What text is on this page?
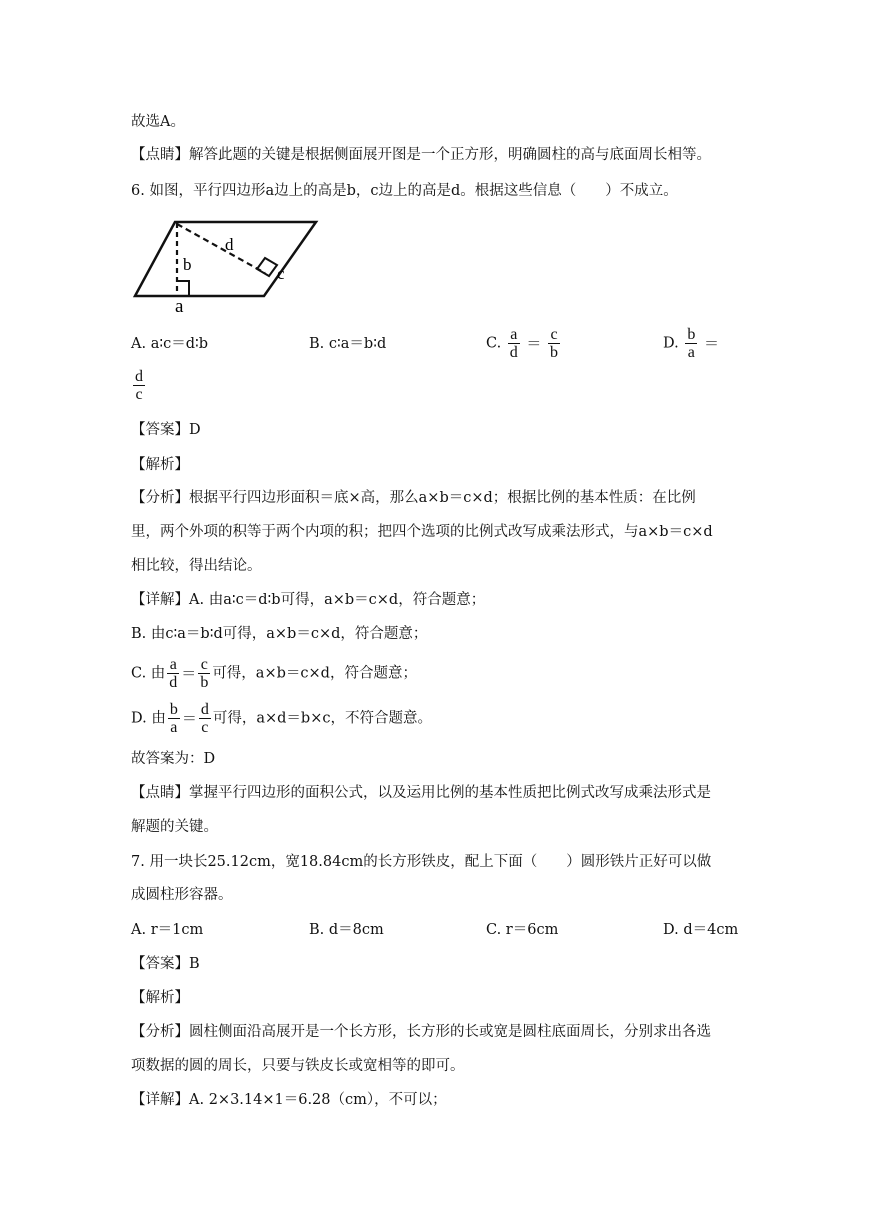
故选A。
【点睛】解答此题的关键是根据侧面展开图是一个正方形，明确圆柱的高与底面周长相等。
6. 如图，平行四边形a边上的高是b，c边上的高是d。根据这些信息（　　）不成立。
b
d
c
a
A. a∶c＝d∶b	B. c∶a＝b∶d	C. $\frac{a}{d} = \frac{c}{b}$	D. $\frac{b}{a}$ ＝
$\frac{d}{c}$
【答案】D
【解析】
【分析】根据平行四边形面积＝底×高，那么a×b＝c×d；根据比例的基本性质：在比例
里，两个外项的积等于两个内项的积；把四个选项的比例式改写成乘法形式，与a×b＝c×d
相比较，得出结论。
【详解】A. 由a∶c＝d∶b可得，a×b＝c×d，符合题意；
B. 由c∶a＝b∶d可得，a×b＝c×d，符合题意；
C. 由 $\frac{a}{d} = \frac{c}{b}$ 可得，a×b＝c×d，符合题意；
D. 由 $\frac{b}{a} = \frac{d}{c}$ 可得，a×d＝b×c，不符合题意。
故答案为：D
【点睛】掌握平行四边形的面积公式，以及运用比例的基本性质把比例式改写成乘法形式是
解题的关键。
7. 用一块长25.12cm，宽18.84cm的长方形铁皮，配上下面（　　）圆形铁片正好可以做
成圆柱形容器。
A. r＝1cm	B. d＝8cm	C. r＝6cm	D. d＝4cm
【答案】B
【解析】
【分析】圆柱侧面沿高展开是一个长方形，长方形的长或宽是圆柱底面周长，分别求出各选
项数据的圆的周长，只要与铁皮长或宽相等的即可。
【详解】A. 2×3.14×1＝6.28（cm），不可以；
